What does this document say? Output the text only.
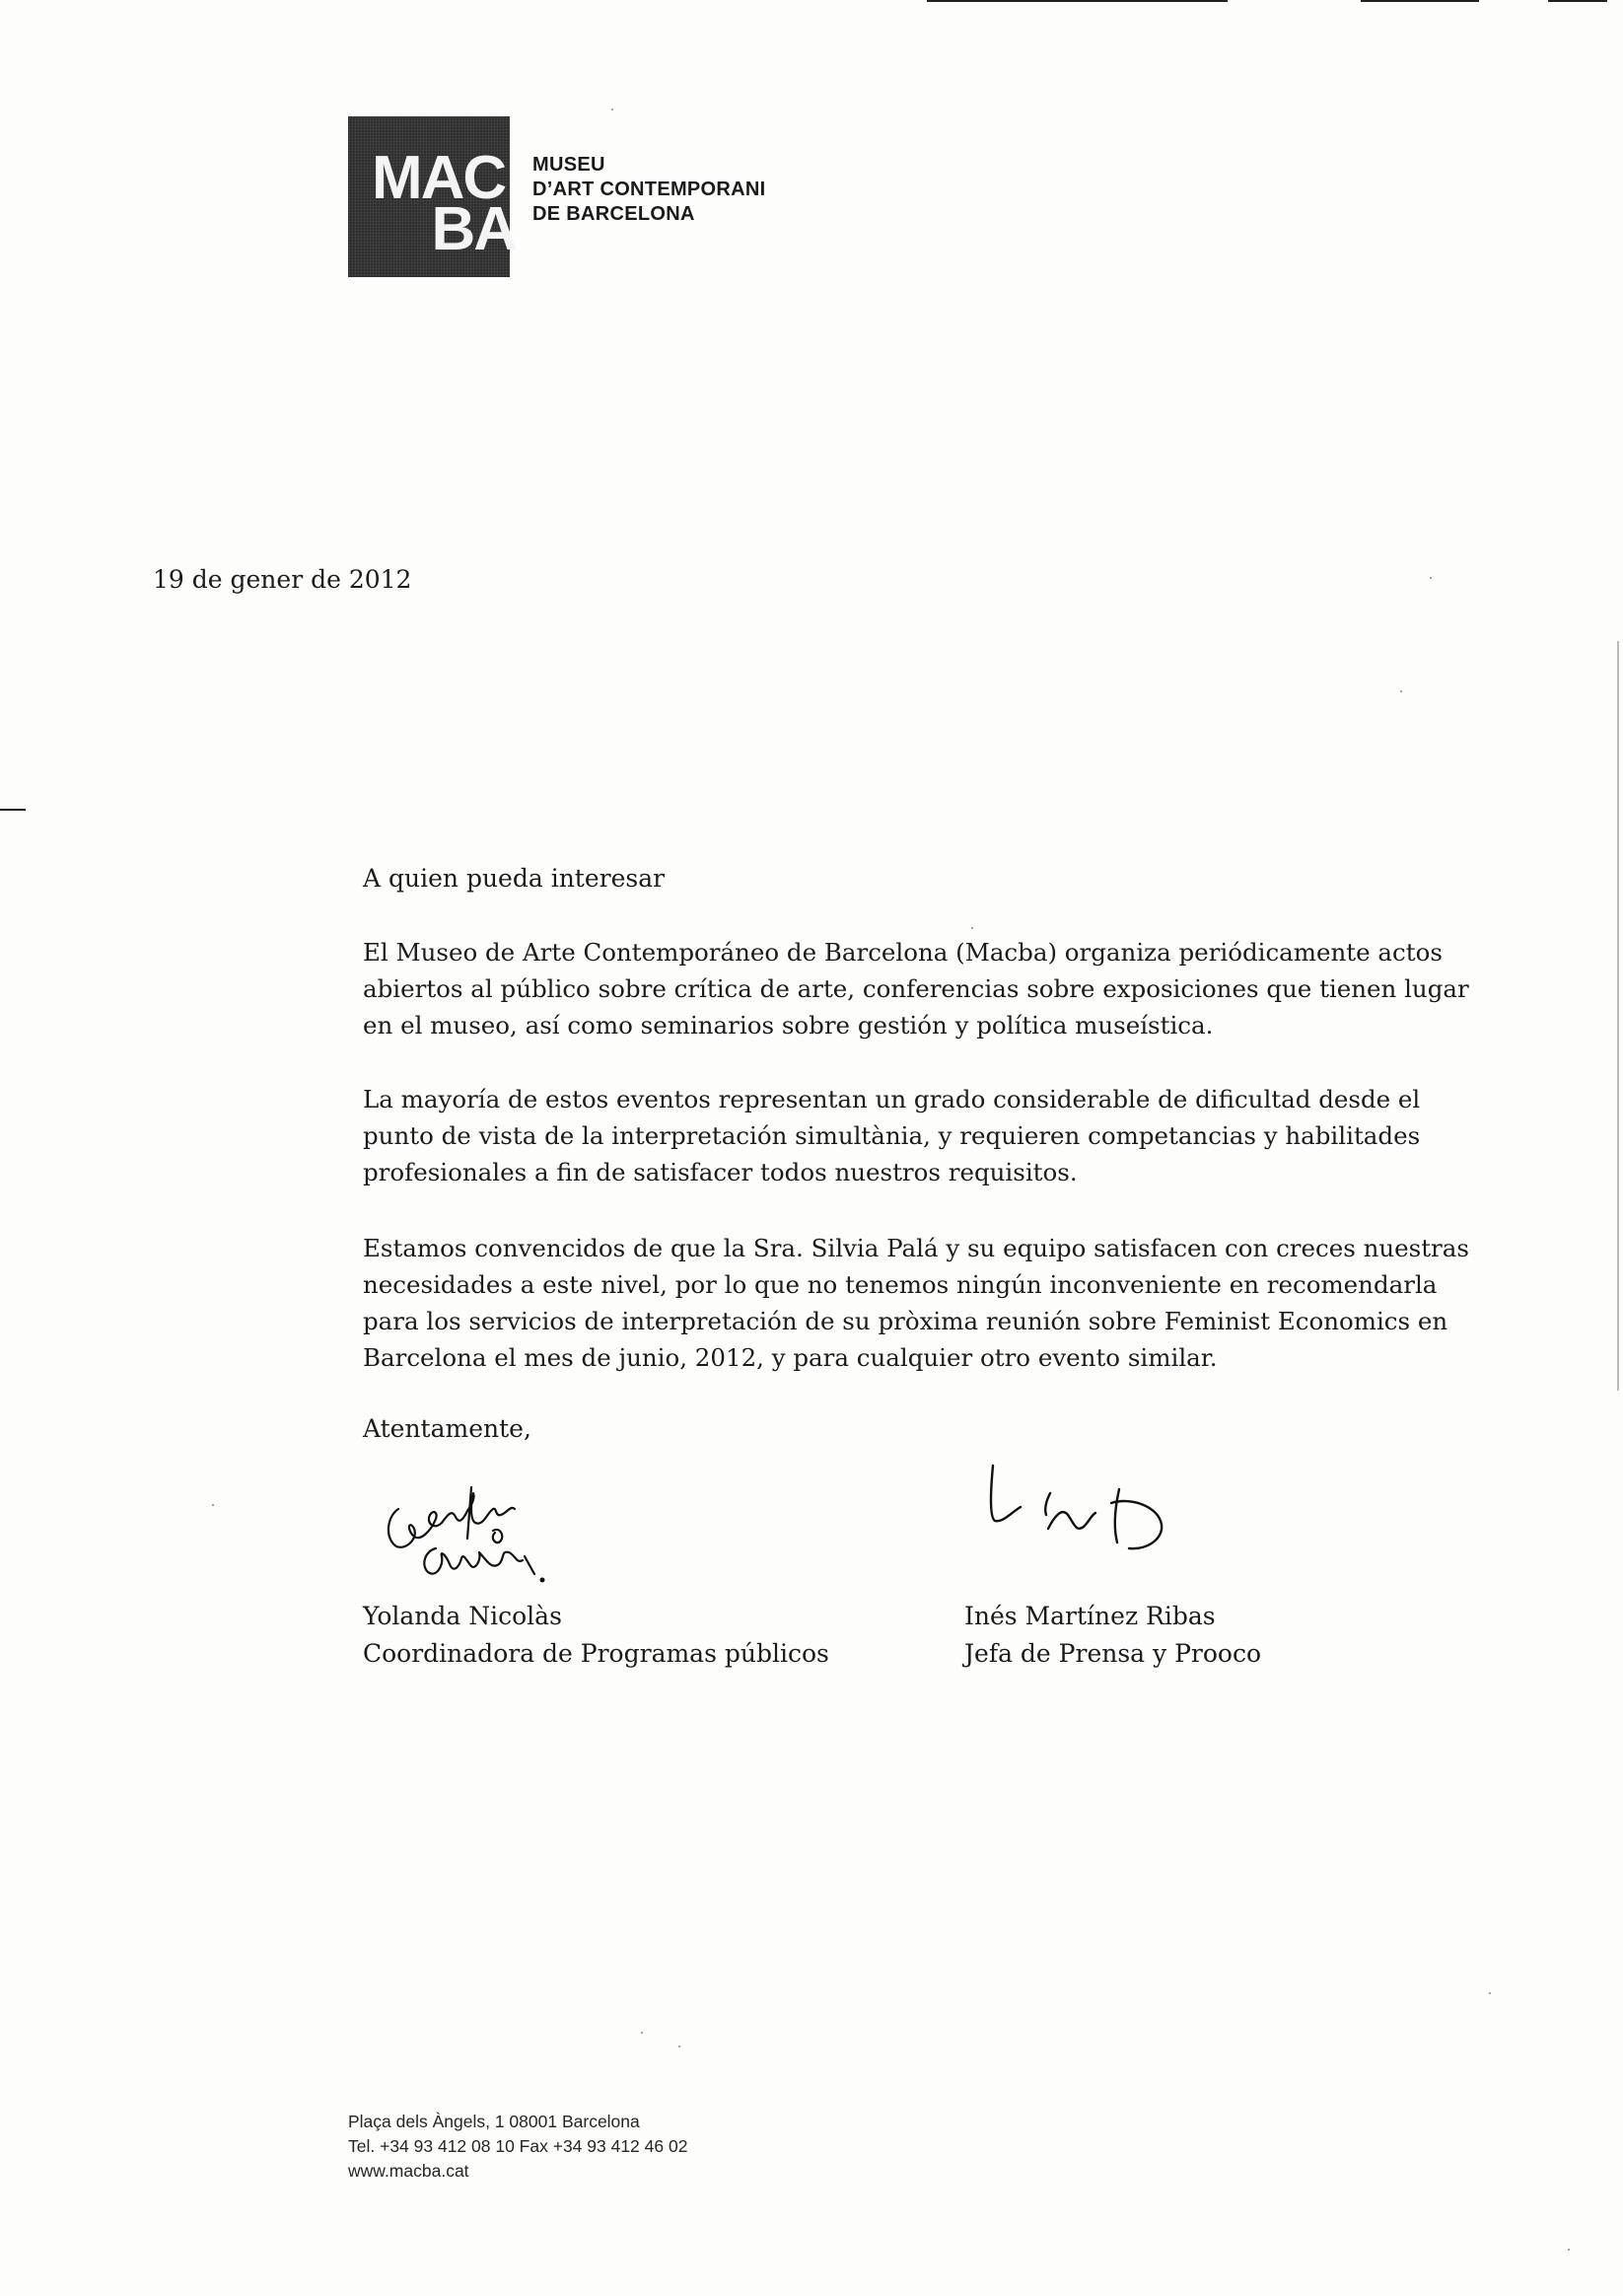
MAC
BA
MUSEU
D’ART CONTEMPORANI
DE BARCELONA
19 de gener de 2012
A quien pueda interesar
El Museo de Arte Contemporáneo de Barcelona (Macba) organiza periódicamente actos
abiertos al público sobre crítica de arte, conferencias sobre exposiciones que tienen lugar
en el museo, así como seminarios sobre gestión y política museística.
La mayoría de estos eventos representan un grado considerable de dificultad desde el
punto de vista de la interpretación simultània, y requieren competancias y habilitades
profesionales a fin de satisfacer todos nuestros requisitos.
Estamos convencidos de que la Sra. Silvia Palá y su equipo satisfacen con creces nuestras
necesidades a este nivel, por lo que no tenemos ningún inconveniente en recomendarla
para los servicios de interpretación de su pròxima reunión sobre Feminist Economics en
Barcelona el mes de junio, 2012, y para cualquier otro evento similar.
Atentamente,
Yolanda Nicolàs
Coordinadora de Programas públicos
Inés Martínez Ribas
Jefa de Prensa y Prooco
Plaça dels Àngels, 1 08001 Barcelona
Tel. +34 93 412 08 10 Fax +34 93 412 46 02
www.macba.cat
